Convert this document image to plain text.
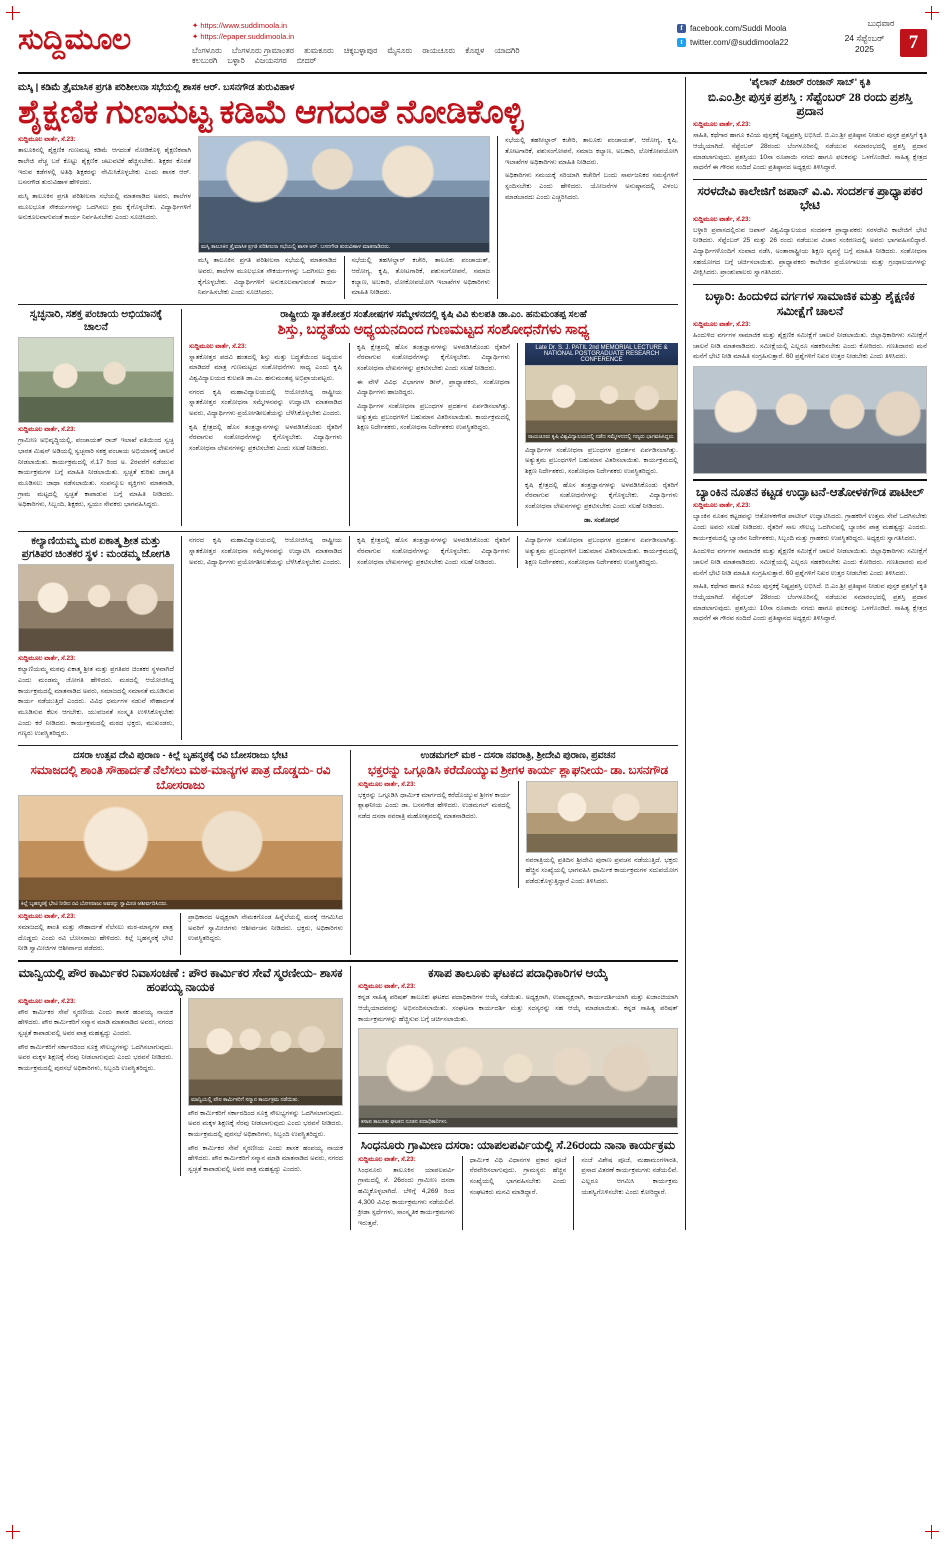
ಸುದ್ದಿಮೂಲ	✦ https://www.suddimoola.in
✦ https://epaper.suddimoola.in
ಬೆಂಗಳೂರು ಬೆಂಗಳೂರು ಗ್ರಾಮಾಂತರ ತುಮಕೂರು ಚಿಕ್ಕಬಳ್ಳಾಪುರ ಮೈಸೂರು ರಾಯಚೂರು ಕೊಪ್ಪಳ ಯಾದಗಿರಿ
ಕಲಬುರಗಿ ಬಳ್ಳಾರಿ ವಿಜಯನಗರ ಬೀದರ್
f facebook.com/Suddi Moola
t twitter.com/@suddimoola22
ಬುಧವಾರ
24 ಸೆಪ್ಟೆಂಬರ್ 2025	7
ಮಸ್ಕಿ | ಕಡಿಮೆ ತ್ರೈಮಾಸಿಕ ಪ್ರಗತಿ ಪರಿಶೀಲನಾ ಸಭೆಯಲ್ಲಿ ಶಾಸಕ ಆರ್. ಬಸನಗೌಡ ತುರುವಿಹಾಳ
ಶೈಕ್ಷಣಿಕ ಗುಣಮಟ್ಟ ಕಡಿಮೆ ಆಗದಂತೆ ನೋಡಿಕೊಳ್ಳಿ
ಸುದ್ದಿಮೂಲ ವಾರ್ತೆ, ಸೆ.23:
ತಾಲೂಕಿನಲ್ಲಿ ಶೈಕ್ಷಣಿಕ ಗುಣಮಟ್ಟ ಕಡಿಮೆ ಆಗದಂತೆ ನೋಡಿಕೊಳ್ಳಿ ಶೈಕ್ಷಣಿಕವಾಗಿ ಕಾಲೇಜಿ ವೆಚ್ಚ ಬರೆ ಕೊಟ್ಟು ಶೈಕ್ಷಣಿಕ ಚಟುವಟಿಕೆ ಹೆಚ್ಚಿಸಬೇಕು. ಶಿಕ್ಷಕರ ಕೊರತೆ ಇರುವ ಕಡೆಗಳಲ್ಲಿ ಅತಿಥಿ ಶಿಕ್ಷಕರನ್ನು ನೇಮಿಸಿಕೊಳ್ಳಬೇಕು ಎಂದು ಶಾಸಕ ಆರ್. ಬಸನಗೌಡ ತುರುವಿಹಾಳ ಹೇಳಿದರು.
ಮಸ್ಕಿ ತಾಲೂಕಿನ ಪ್ರಗತಿ ಪರಿಶೀಲನಾ ಸಭೆಯಲ್ಲಿ ಮಾತನಾಡಿದ ಅವರು, ಶಾಲೆಗಳ ಮೂಲಭೂತ ಸೌಕರ್ಯಗಳನ್ನು ಒದಗಿಸಲು ಕ್ರಮ ಕೈಗೊಳ್ಳಬೇಕು. ವಿದ್ಯಾರ್ಥಿಗಳಿಗೆ ಅನುಕೂಲವಾಗುವಂತೆ ಕಾರ್ಯ ನಿರ್ವಹಿಸಬೇಕು ಎಂದು ಸೂಚಿಸಿದರು.
ಮಸ್ಕಿ ತಾಲೂಕಿನ ತ್ರೈಮಾಸಿಕ ಪ್ರಗತಿ ಪರಿಶೀಲನಾ ಸಭೆಯಲ್ಲಿ ಶಾಸಕ ಆರ್. ಬಸನಗೌಡ ತುರುವಿಹಾಳ ಮಾತನಾಡಿದರು.
ಮಸ್ಕಿ ತಾಲೂಕಿನ ಪ್ರಗತಿ ಪರಿಶೀಲನಾ ಸಭೆಯಲ್ಲಿ ಮಾತನಾಡಿದ ಅವರು, ಶಾಲೆಗಳ ಮೂಲಭೂತ ಸೌಕರ್ಯಗಳನ್ನು ಒದಗಿಸಲು ಕ್ರಮ ಕೈಗೊಳ್ಳಬೇಕು. ವಿದ್ಯಾರ್ಥಿಗಳಿಗೆ ಅನುಕೂಲವಾಗುವಂತೆ ಕಾರ್ಯ ನಿರ್ವಹಿಸಬೇಕು ಎಂದು ಸೂಚಿಸಿದರು.
ಸಭೆಯಲ್ಲಿ ತಹಸೀಲ್ದಾರ್ ಕಚೇರಿ, ತಾಲೂಕು ಪಂಚಾಯತ್, ಆರೋಗ್ಯ, ಕೃಷಿ, ತೋಟಗಾರಿಕೆ, ಪಶುಸಂಗೋಪನೆ, ಸಮಾಜ ಕಲ್ಯಾಣ, ಅಬಕಾರಿ, ಲೋಕೋಪಯೋಗಿ ಇಲಾಖೆಗಳ ಅಧಿಕಾರಿಗಳು ಮಾಹಿತಿ ನೀಡಿದರು.
ಸಭೆಯಲ್ಲಿ ತಹಸೀಲ್ದಾರ್ ಕಚೇರಿ, ತಾಲೂಕು ಪಂಚಾಯತ್, ಆರೋಗ್ಯ, ಕೃಷಿ, ತೋಟಗಾರಿಕೆ, ಪಶುಸಂಗೋಪನೆ, ಸಮಾಜ ಕಲ್ಯಾಣ, ಅಬಕಾರಿ, ಲೋಕೋಪಯೋಗಿ ಇಲಾಖೆಗಳ ಅಧಿಕಾರಿಗಳು ಮಾಹಿತಿ ನೀಡಿದರು.
ಅಧಿಕಾರಿಗಳು ಸಮಯಕ್ಕೆ ಸರಿಯಾಗಿ ಕಚೇರಿಗೆ ಬಂದು ಸಾರ್ವಜನಿಕರ ಸಮಸ್ಯೆಗಳಿಗೆ ಸ್ಪಂದಿಸಬೇಕು ಎಂದು ಹೇಳಿದರು. ಯೋಜನೆಗಳ ಅನುಷ್ಠಾನದಲ್ಲಿ ವಿಳಂಬ ಮಾಡಬಾರದು ಎಂದು ಎಚ್ಚರಿಸಿದರು.
ಸ್ವಚ್ಛನಾರಿ, ಸಶಕ್ತ ಪಂಚಾಯ ಅಭಿಯಾನಕ್ಕೆ ಚಾಲನೆ
ಸುದ್ದಿಮೂಲ ವಾರ್ತೆ, ಸೆ.23:
ಗ್ರಾಮೀಣ ಅಭಿವೃದ್ಧಿಯಲ್ಲಿ, ಪಂಚಾಯತ್ ರಾಜ್ ಇಲಾಖೆ ವತಿಯಿಂದ ಸ್ವಚ್ಛ ಭಾರತ ಮಿಷನ್ ಅಡಿಯಲ್ಲಿ ಸ್ವಚ್ಛನಾರಿ ಸಶಕ್ತ ಪಂಚಾಯ ಅಭಿಯಾನಕ್ಕೆ ಚಾಲನೆ ನೀಡಲಾಯಿತು. ಕಾರ್ಯಕ್ರಮದಲ್ಲಿ ಸೆ.17 ರಿಂದ ಅ. 2ರವರೆಗೆ ನಡೆಯುವ ಕಾರ್ಯಕ್ರಮಗಳ ಬಗ್ಗೆ ಮಾಹಿತಿ ನೀಡಲಾಯಿತು. ಸ್ವಚ್ಛತೆ ಕುರಿತು ಜಾಗೃತಿ ಮೂಡಿಸಲು ಜಾಥಾ ನಡೆಸಲಾಯಿತು. ಸಂಪನ್ಮೂಲ ವ್ಯಕ್ತಿಗಳು ಮಾತನಾಡಿ, ಗ್ರಾಮ ಮಟ್ಟದಲ್ಲಿ ಸ್ವಚ್ಛತೆ ಕಾಪಾಡುವ ಬಗ್ಗೆ ಮಾಹಿತಿ ನೀಡಿದರು. ಅಧಿಕಾರಿಗಳು, ಸಿಬ್ಬಂದಿ, ಶಿಕ್ಷಕರು, ಸ್ವಯಂ ಸೇವಕರು ಭಾಗವಹಿಸಿದ್ದರು.
ರಾಷ್ಟ್ರೀಯ ಸ್ನಾತಕೋತ್ತರ ಸಂತೋಷಗಳ ಸಮ್ಮೇಳನದಲ್ಲಿ ಕೃಷಿ ವಿವಿ ಕುಲಪತಿ ಡಾ.ಎಂ. ಹನುಮಂತಪ್ಪ ಸಲಹೆ
ಶಿಸ್ತು, ಬದ್ಧತೆಯ ಅಧ್ಯಯನದಿಂದ ಗುಣಮಟ್ಟದ ಸಂಶೋಧನೆಗಳು ಸಾಧ್ಯ
ಸುದ್ದಿಮೂಲ ವಾರ್ತೆ, ಸೆ.23:
ಸ್ನಾತಕೋತ್ತರ ಪದವಿ ಹಂತದಲ್ಲಿ ಶಿಸ್ತು ಮತ್ತು ಬದ್ಧತೆಯಿಂದ ಅಧ್ಯಯನ ಮಾಡಿದರೆ ಮಾತ್ರ ಗುಣಮಟ್ಟದ ಸಂಶೋಧನೆಗಳು ಸಾಧ್ಯ ಎಂದು ಕೃಷಿ ವಿಶ್ವವಿದ್ಯಾಲಯದ ಕುಲಪತಿ ಡಾ.ಎಂ. ಹನುಮಂತಪ್ಪ ಅಭಿಪ್ರಾಯಪಟ್ಟರು.
ನಗರದ ಕೃಷಿ ಮಹಾವಿದ್ಯಾಲಯದಲ್ಲಿ ಆಯೋಜಿಸಿದ್ದ ರಾಷ್ಟ್ರೀಯ ಸ್ನಾತಕೋತ್ತರ ಸಂಶೋಧನಾ ಸಮ್ಮೇಳನವನ್ನು ಉದ್ಘಾಟಿಸಿ ಮಾತನಾಡಿದ ಅವರು, ವಿದ್ಯಾರ್ಥಿಗಳು ಪ್ರಯೋಗಶೀಲತೆಯನ್ನು ಬೆಳೆಸಿಕೊಳ್ಳಬೇಕು ಎಂದರು.
ಕೃಷಿ ಕ್ಷೇತ್ರದಲ್ಲಿ ಹೊಸ ತಂತ್ರಜ್ಞಾನಗಳನ್ನು ಅಳವಡಿಸಿಕೊಂಡು ರೈತರಿಗೆ ನೆರವಾಗುವ ಸಂಶೋಧನೆಗಳನ್ನು ಕೈಗೊಳ್ಳಬೇಕು. ವಿದ್ಯಾರ್ಥಿಗಳು ಸಂಶೋಧನಾ ಲೇಖನಗಳನ್ನು ಪ್ರಕಟಿಸಬೇಕು ಎಂದು ಸಲಹೆ ನೀಡಿದರು.
ಕೃಷಿ ಕ್ಷೇತ್ರದಲ್ಲಿ ಹೊಸ ತಂತ್ರಜ್ಞಾನಗಳನ್ನು ಅಳವಡಿಸಿಕೊಂಡು ರೈತರಿಗೆ ನೆರವಾಗುವ ಸಂಶೋಧನೆಗಳನ್ನು ಕೈಗೊಳ್ಳಬೇಕು. ವಿದ್ಯಾರ್ಥಿಗಳು ಸಂಶೋಧನಾ ಲೇಖನಗಳನ್ನು ಪ್ರಕಟಿಸಬೇಕು ಎಂದು ಸಲಹೆ ನೀಡಿದರು.
ಈ ವೇಳೆ ವಿವಿಧ ವಿಭಾಗಗಳ ಡೀನ್, ಪ್ರಾಧ್ಯಾಪಕರು, ಸಂಶೋಧನಾ ವಿದ್ಯಾರ್ಥಿಗಳು ಹಾಜರಿದ್ದರು.
ವಿದ್ಯಾರ್ಥಿಗಳ ಸಂಶೋಧನಾ ಪ್ರಬಂಧಗಳ ಪ್ರದರ್ಶನ ಏರ್ಪಡಿಸಲಾಗಿತ್ತು. ಅತ್ಯುತ್ತಮ ಪ್ರಬಂಧಗಳಿಗೆ ಬಹುಮಾನ ವಿತರಿಸಲಾಯಿತು. ಕಾರ್ಯಕ್ರಮದಲ್ಲಿ ಶಿಕ್ಷಣ ನಿರ್ದೇಶಕರು, ಸಂಶೋಧನಾ ನಿರ್ದೇಶಕರು ಉಪಸ್ಥಿತರಿದ್ದರು.
Late Dr. S. J. PATIL 2nd MEMORIAL LECTURE & NATIONAL POSTGRADUATE RESEARCH CONFERENCE
ರಾಯಚೂರು ಕೃಷಿ ವಿಶ್ವವಿದ್ಯಾಲಯದಲ್ಲಿ ನಡೆದ ಸಮ್ಮೇಳನದಲ್ಲಿ ಗಣ್ಯರು ಭಾಗವಹಿಸಿದ್ದರು.
ವಿದ್ಯಾರ್ಥಿಗಳ ಸಂಶೋಧನಾ ಪ್ರಬಂಧಗಳ ಪ್ರದರ್ಶನ ಏರ್ಪಡಿಸಲಾಗಿತ್ತು. ಅತ್ಯುತ್ತಮ ಪ್ರಬಂಧಗಳಿಗೆ ಬಹುಮಾನ ವಿತರಿಸಲಾಯಿತು. ಕಾರ್ಯಕ್ರಮದಲ್ಲಿ ಶಿಕ್ಷಣ ನಿರ್ದೇಶಕರು, ಸಂಶೋಧನಾ ನಿರ್ದೇಶಕರು ಉಪಸ್ಥಿತರಿದ್ದರು.
ಕೃಷಿ ಕ್ಷೇತ್ರದಲ್ಲಿ ಹೊಸ ತಂತ್ರಜ್ಞಾನಗಳನ್ನು ಅಳವಡಿಸಿಕೊಂಡು ರೈತರಿಗೆ ನೆರವಾಗುವ ಸಂಶೋಧನೆಗಳನ್ನು ಕೈಗೊಳ್ಳಬೇಕು. ವಿದ್ಯಾರ್ಥಿಗಳು ಸಂಶೋಧನಾ ಲೇಖನಗಳನ್ನು ಪ್ರಕಟಿಸಬೇಕು ಎಂದು ಸಲಹೆ ನೀಡಿದರು.
ಡಾ. ಸಂಶೋಧನೆ
ಕಲ್ಯಾಣಿಯಮ್ಮ ಮಠ ಏಕಾತ್ಮ ಶ್ರೀತ ಮತ್ತು ಪ್ರಗತಿಪರ ಚಿಂತಕರ ಸ್ಥಳ : ಮಂಡಮ್ಮ ಜೋಗತಿ
ಸುದ್ದಿಮೂಲ ವಾರ್ತೆ, ಸೆ.23:
ಕಲ್ಯಾಣಿಯಮ್ಮ ಮಠವು ಏಕಾತ್ಮ ಶ್ರೀತ ಮತ್ತು ಪ್ರಗತಿಪರ ಚಿಂತಕರ ಸ್ಥಳವಾಗಿದೆ ಎಂದು ಮಂಡಮ್ಮ ಜೋಗತಿ ಹೇಳಿದರು. ಮಠದಲ್ಲಿ ಆಯೋಜಿಸಿದ್ದ ಕಾರ್ಯಕ್ರಮದಲ್ಲಿ ಮಾತನಾಡಿದ ಅವರು, ಸಮಾಜದಲ್ಲಿ ಸಮಾನತೆ ಮೂಡಿಸುವ ಕಾರ್ಯ ನಡೆಯುತ್ತಿದೆ ಎಂದರು. ವಿವಿಧ ಧರ್ಮಗಳ ನಡುವೆ ಸೌಹಾರ್ದತೆ ಮೂಡಿಸುವ ಕೆಲಸ ಆಗಬೇಕು. ಯುವಜನತೆ ಸಂಸ್ಕೃತಿ ಉಳಿಸಿಕೊಳ್ಳಬೇಕು ಎಂದು ಕರೆ ನೀಡಿದರು. ಕಾರ್ಯಕ್ರಮದಲ್ಲಿ ಮಠದ ಭಕ್ತರು, ಮುಖಂಡರು, ಗಣ್ಯರು ಉಪಸ್ಥಿತರಿದ್ದರು.
ನಗರದ ಕೃಷಿ ಮಹಾವಿದ್ಯಾಲಯದಲ್ಲಿ ಆಯೋಜಿಸಿದ್ದ ರಾಷ್ಟ್ರೀಯ ಸ್ನಾತಕೋತ್ತರ ಸಂಶೋಧನಾ ಸಮ್ಮೇಳನವನ್ನು ಉದ್ಘಾಟಿಸಿ ಮಾತನಾಡಿದ ಅವರು, ವಿದ್ಯಾರ್ಥಿಗಳು ಪ್ರಯೋಗಶೀಲತೆಯನ್ನು ಬೆಳೆಸಿಕೊಳ್ಳಬೇಕು ಎಂದರು.
ಕೃಷಿ ಕ್ಷೇತ್ರದಲ್ಲಿ ಹೊಸ ತಂತ್ರಜ್ಞಾನಗಳನ್ನು ಅಳವಡಿಸಿಕೊಂಡು ರೈತರಿಗೆ ನೆರವಾಗುವ ಸಂಶೋಧನೆಗಳನ್ನು ಕೈಗೊಳ್ಳಬೇಕು. ವಿದ್ಯಾರ್ಥಿಗಳು ಸಂಶೋಧನಾ ಲೇಖನಗಳನ್ನು ಪ್ರಕಟಿಸಬೇಕು ಎಂದು ಸಲಹೆ ನೀಡಿದರು.
ವಿದ್ಯಾರ್ಥಿಗಳ ಸಂಶೋಧನಾ ಪ್ರಬಂಧಗಳ ಪ್ರದರ್ಶನ ಏರ್ಪಡಿಸಲಾಗಿತ್ತು. ಅತ್ಯುತ್ತಮ ಪ್ರಬಂಧಗಳಿಗೆ ಬಹುಮಾನ ವಿತರಿಸಲಾಯಿತು. ಕಾರ್ಯಕ್ರಮದಲ್ಲಿ ಶಿಕ್ಷಣ ನಿರ್ದೇಶಕರು, ಸಂಶೋಧನಾ ನಿರ್ದೇಶಕರು ಉಪಸ್ಥಿತರಿದ್ದರು.
ದಸರಾ ಉತ್ಸವ ದೇವಿ ಪುರಾಣ - ಕಿಲ್ಲೆ ಬೃಹನ್ಮಠಕ್ಕೆ ರವಿ ಬೋಸರಾಜು ಭೇಟಿ
ಸಮಾಜದಲ್ಲಿ ಶಾಂತಿ ಸೌಹಾರ್ದತೆ ನೆಲೆಸಲು ಮಠ-ಮಾನ್ಯಗಳ ಪಾತ್ರ ದೊಡ್ಡದು- ರವಿ ಬೋಸರಾಜು
ಕಿಲ್ಲೆ ಬೃಹನ್ಮಠಕ್ಕೆ ಭೇಟಿ ನೀಡಿದ ರವಿ ಬೋಸರಾಜು ಅವರನ್ನು ಸ್ವಾಮೀಜಿ ಆಶೀರ್ವದಿಸಿದರು.
ಸುದ್ದಿಮೂಲ ವಾರ್ತೆ, ಸೆ.23:
ಸಮಾಜದಲ್ಲಿ ಶಾಂತಿ ಮತ್ತು ಸೌಹಾರ್ದತೆ ನೆಲೆಸಲು ಮಠ-ಮಾನ್ಯಗಳ ಪಾತ್ರ ದೊಡ್ಡದು ಎಂದು ರವಿ ಬೋಸರಾಜು ಹೇಳಿದರು. ಕಿಲ್ಲೆ ಬೃಹನ್ಮಠಕ್ಕೆ ಭೇಟಿ ನೀಡಿ ಸ್ವಾಮೀಜಿಗಳ ಆಶೀರ್ವಾದ ಪಡೆದರು.
ಪ್ರಾಧಿಕಾರದ ಅಧ್ಯಕ್ಷರಾಗಿ ನೇಮಕಗೊಂಡ ಹಿನ್ನೆಲೆಯಲ್ಲಿ ಮಠಕ್ಕೆ ಆಗಮಿಸಿದ ಅವರಿಗೆ ಸ್ವಾಮೀಜಿಗಳು ಆಶೀರ್ವಚನ ನೀಡಿದರು. ಭಕ್ತರು, ಅಧಿಕಾರಿಗಳು ಉಪಸ್ಥಿತರಿದ್ದರು.
ಉಡಮಗಲ್ ಮಠ - ದಸರಾ ನವರಾತ್ರಿ, ಶ್ರೀದೇವಿ ಪುರಾಣ, ಪ್ರವಚನ
ಭಕ್ತರನ್ನು ಒಗ್ಗೂಡಿಸಿ ಕರೆದೊಯ್ಯುವ ಶ್ರೀಗಳ ಕಾರ್ಯ ಶ್ಲಾಘನೀಯ- ಡಾ. ಬಸನಗೌಡ
ಸುದ್ದಿಮೂಲ ವಾರ್ತೆ, ಸೆ.23:
ಭಕ್ತರನ್ನು ಒಗ್ಗೂಡಿಸಿ ಧಾರ್ಮಿಕ ಮಾರ್ಗದಲ್ಲಿ ಕರೆದೊಯ್ಯುವ ಶ್ರೀಗಳ ಕಾರ್ಯ ಶ್ಲಾಘನೀಯ ಎಂದು ಡಾ. ಬಸನಗೌಡ ಹೇಳಿದರು. ಉಡಮಗಲ್ ಮಠದಲ್ಲಿ ನಡೆದ ದಸರಾ ನವರಾತ್ರಿ ಮಹೋತ್ಸವದಲ್ಲಿ ಮಾತನಾಡಿದರು.
ನವರಾತ್ರಿಯಲ್ಲಿ ಪ್ರತಿದಿನ ಶ್ರೀದೇವಿ ಪುರಾಣ ಪ್ರವಚನ ನಡೆಯುತ್ತಿದೆ. ಭಕ್ತರು ಹೆಚ್ಚಿನ ಸಂಖ್ಯೆಯಲ್ಲಿ ಭಾಗವಹಿಸಿ ಧಾರ್ಮಿಕ ಕಾರ್ಯಕ್ರಮಗಳ ಸದುಪಯೋಗ ಪಡೆದುಕೊಳ್ಳುತ್ತಿದ್ದಾರೆ ಎಂದು ತಿಳಿಸಿದರು.
ಮಾನ್ವಿಯಲ್ಲಿ ಪೌರ ಕಾರ್ಮಿಕರ ನಿವಾಸಂಚಣೆ : ಪೌರ ಕಾರ್ಮಿಕರ ಸೇವೆ ಸ್ಮರಣೀಯ- ಶಾಸಕ ಹಂಪಯ್ಯ ನಾಯಕ
ಸುದ್ದಿಮೂಲ ವಾರ್ತೆ, ಸೆ.23:
ಪೌರ ಕಾರ್ಮಿಕರ ಸೇವೆ ಸ್ಮರಣೀಯ ಎಂದು ಶಾಸಕ ಹಂಪಯ್ಯ ನಾಯಕ ಹೇಳಿದರು. ಪೌರ ಕಾರ್ಮಿಕರಿಗೆ ಸನ್ಮಾನ ಮಾಡಿ ಮಾತನಾಡಿದ ಅವರು, ನಗರದ ಸ್ವಚ್ಛತೆ ಕಾಪಾಡುವಲ್ಲಿ ಅವರ ಪಾತ್ರ ಮಹತ್ವದ್ದು ಎಂದರು.
ಪೌರ ಕಾರ್ಮಿಕರಿಗೆ ಸರ್ಕಾರದಿಂದ ಸೂಕ್ತ ಸೌಲಭ್ಯಗಳನ್ನು ಒದಗಿಸಲಾಗುವುದು. ಅವರ ಮಕ್ಕಳ ಶಿಕ್ಷಣಕ್ಕೆ ನೆರವು ನೀಡಲಾಗುವುದು ಎಂದು ಭರವಸೆ ನೀಡಿದರು. ಕಾರ್ಯಕ್ರಮದಲ್ಲಿ ಪುರಸಭೆ ಅಧಿಕಾರಿಗಳು, ಸಿಬ್ಬಂದಿ ಉಪಸ್ಥಿತರಿದ್ದರು.
ಮಾನ್ವಿಯಲ್ಲಿ ಪೌರ ಕಾರ್ಮಿಕರಿಗೆ ಸನ್ಮಾನ ಕಾರ್ಯಕ್ರಮ ನಡೆಯಿತು.
ಪೌರ ಕಾರ್ಮಿಕರಿಗೆ ಸರ್ಕಾರದಿಂದ ಸೂಕ್ತ ಸೌಲಭ್ಯಗಳನ್ನು ಒದಗಿಸಲಾಗುವುದು. ಅವರ ಮಕ್ಕಳ ಶಿಕ್ಷಣಕ್ಕೆ ನೆರವು ನೀಡಲಾಗುವುದು ಎಂದು ಭರವಸೆ ನೀಡಿದರು. ಕಾರ್ಯಕ್ರಮದಲ್ಲಿ ಪುರಸಭೆ ಅಧಿಕಾರಿಗಳು, ಸಿಬ್ಬಂದಿ ಉಪಸ್ಥಿತರಿದ್ದರು.
ಪೌರ ಕಾರ್ಮಿಕರ ಸೇವೆ ಸ್ಮರಣೀಯ ಎಂದು ಶಾಸಕ ಹಂಪಯ್ಯ ನಾಯಕ ಹೇಳಿದರು. ಪೌರ ಕಾರ್ಮಿಕರಿಗೆ ಸನ್ಮಾನ ಮಾಡಿ ಮಾತನಾಡಿದ ಅವರು, ನಗರದ ಸ್ವಚ್ಛತೆ ಕಾಪಾಡುವಲ್ಲಿ ಅವರ ಪಾತ್ರ ಮಹತ್ವದ್ದು ಎಂದರು.
ಕಸಾಪ ತಾಲೂಕು ಘಟಕದ ಪದಾಧಿಕಾರಿಗಳ ಆಯ್ಕೆ
ಸುದ್ದಿಮೂಲ ವಾರ್ತೆ, ಸೆ.23:
ಕನ್ನಡ ಸಾಹಿತ್ಯ ಪರಿಷತ್ ತಾಲೂಕು ಘಟಕದ ಪದಾಧಿಕಾರಿಗಳ ಆಯ್ಕೆ ನಡೆಯಿತು. ಅಧ್ಯಕ್ಷರಾಗಿ, ಉಪಾಧ್ಯಕ್ಷರಾಗಿ, ಕಾರ್ಯದರ್ಶಿಯಾಗಿ ಮತ್ತು ಖಜಾಂಚಿಯಾಗಿ ಆಯ್ಕೆಯಾದವರನ್ನು ಅಭಿನಂದಿಸಲಾಯಿತು. ಸಂಘಟನಾ ಕಾರ್ಯದರ್ಶಿ ಮತ್ತು ಸದಸ್ಯರನ್ನು ಸಹ ಆಯ್ಕೆ ಮಾಡಲಾಯಿತು. ಕನ್ನಡ ಸಾಹಿತ್ಯ ಪರಿಷತ್ ಕಾರ್ಯಕ್ರಮಗಳನ್ನು ಹೆಚ್ಚಿಸುವ ಬಗ್ಗೆ ಚರ್ಚಿಸಲಾಯಿತು.
ಕಸಾಪ ತಾಲೂಕು ಘಟಕದ ನೂತನ ಪದಾಧಿಕಾರಿಗಳು.
ಸಿಂಧನೂರು ಗ್ರಾಮೀಣ ದಸರಾ: ಯಾಪಲಪರ್ವಿಯಲ್ಲಿ ಸೆ.26ರಂದು ನಾನಾ ಕಾರ್ಯಕ್ರಮ
ಸುದ್ದಿಮೂಲ ವಾರ್ತೆ, ಸೆ.23:
ಸಿಂಧನೂರು ತಾಲೂಕಿನ ಯಾಪಲಪರ್ವಿ ಗ್ರಾಮದಲ್ಲಿ ಸೆ. 26ರಂದು ಗ್ರಾಮೀಣ ದಸರಾ ಹಮ್ಮಿಕೊಳ್ಳಲಾಗಿದೆ. ಬೆಳಿಗ್ಗೆ 4,269 ರಿಂದ 4,300 ವಿವಿಧ ಕಾರ್ಯಕ್ರಮಗಳು ನಡೆಯಲಿವೆ. ಕ್ರೀಡಾ ಸ್ಪರ್ಧೆಗಳು, ಸಾಂಸ್ಕೃತಿಕ ಕಾರ್ಯಕ್ರಮಗಳು ಇರುತ್ತವೆ.
ಧಾರ್ಮಿಕ ವಿಧಿ ವಿಧಾನಗಳ ಪ್ರಕಾರ ಪೂಜೆ ನೆರವೇರಿಸಲಾಗುವುದು. ಗ್ರಾಮಸ್ಥರು ಹೆಚ್ಚಿನ ಸಂಖ್ಯೆಯಲ್ಲಿ ಭಾಗವಹಿಸಬೇಕು ಎಂದು ಸಂಘಟಕರು ಮನವಿ ಮಾಡಿದ್ದಾರೆ.
ಸಂಜೆ ವಿಶೇಷ ಪೂಜೆ, ಮಹಾಮಂಗಳಾರತಿ, ಪ್ರಸಾದ ವಿತರಣೆ ಕಾರ್ಯಕ್ರಮಗಳು ನಡೆಯಲಿವೆ. ಎಲ್ಲರೂ ಆಗಮಿಸಿ ಕಾರ್ಯಕ್ರಮ ಯಶಸ್ವಿಗೊಳಿಸಬೇಕು ಎಂದು ಕೋರಿದ್ದಾರೆ.
'ಪೈಲಾನ್ ಪಿಜಾರ್ ರಂಜಾನ್ ಸಾಬ್' ಕೃತಿ
ಬಿ.ಎಂ.ಶ್ರೀ ಪುಸ್ತಕ ಪ್ರಶಸ್ತಿ : ಸೆಪ್ಟೆಂಬರ್ 28 ರಂದು ಪ್ರಶಸ್ತಿ ಪ್ರದಾನ
ಸುದ್ದಿಮೂಲ ವಾರ್ತೆ, ಸೆ.23:
ಸಾಹಿತಿ, ಕಥೆಗಾರ ಹಾಗೂ ಕವಿಯ ಪುಸ್ತಕಕ್ಕೆ ನಿಷ್ಟಪ್ರಶಸ್ತಿ ಲಭಿಸಿದೆ. ಬಿ.ಎಂ.ಶ್ರೀ ಪ್ರತಿಷ್ಠಾನ ನೀಡುವ ಪುಸ್ತಕ ಪ್ರಶಸ್ತಿಗೆ ಕೃತಿ ಆಯ್ಕೆಯಾಗಿದೆ. ಸೆಪ್ಟೆಂಬರ್ 28ರಂದು ಬೆಂಗಳೂರಿನಲ್ಲಿ ನಡೆಯುವ ಸಮಾರಂಭದಲ್ಲಿ ಪ್ರಶಸ್ತಿ ಪ್ರದಾನ ಮಾಡಲಾಗುವುದು. ಪ್ರಶಸ್ತಿಯು 10ಸಾ ರೂಪಾಯಿ ನಗದು ಹಾಗೂ ಫಲಕವನ್ನು ಒಳಗೊಂಡಿದೆ. ಸಾಹಿತ್ಯ ಕ್ಷೇತ್ರದ ಸಾಧನೆಗೆ ಈ ಗೌರವ ಸಂದಿದೆ ಎಂದು ಪ್ರತಿಷ್ಠಾನದ ಅಧ್ಯಕ್ಷರು ತಿಳಿಸಿದ್ದಾರೆ.
ಸರಳದೇವಿ ಕಾಲೇಜಿಗೆ ಜಪಾನ್ ವಿ.ವಿ. ಸಂದರ್ಶಕ ಪ್ರಾಧ್ಯಾಪಕರ ಭೇಟಿ
ಸುದ್ದಿಮೂಲ ವಾರ್ತೆ, ಸೆ.23:
ಬಳ್ಳಾರಿ ಪ್ರವಾಸದಲ್ಲಿರುವ ಜಪಾನ್ ವಿಶ್ವವಿದ್ಯಾಲಯದ ಸಂದರ್ಶಕ ಪ್ರಾಧ್ಯಾಪಕರು ಸರಳದೇವಿ ಕಾಲೇಜಿಗೆ ಭೇಟಿ ನೀಡಿದರು. ಸೆಪ್ಟೆಂಬರ್ 25 ಮತ್ತು 26 ರಂದು ನಡೆಯುವ ವಿಚಾರ ಸಂಕಿರಣದಲ್ಲಿ ಅವರು ಭಾಗವಹಿಸಲಿದ್ದಾರೆ. ವಿದ್ಯಾರ್ಥಿಗಳೊಂದಿಗೆ ಸಂವಾದ ನಡೆಸಿ, ಅಂತಾರಾಷ್ಟ್ರೀಯ ಶಿಕ್ಷಣ ವ್ಯವಸ್ಥೆ ಬಗ್ಗೆ ಮಾಹಿತಿ ನೀಡಿದರು. ಸಂಶೋಧನಾ ಸಹಯೋಗದ ಬಗ್ಗೆ ಚರ್ಚಿಸಲಾಯಿತು. ಪ್ರಾಧ್ಯಾಪಕರು ಕಾಲೇಜಿನ ಪ್ರಯೋಗಾಲಯ ಮತ್ತು ಗ್ರಂಥಾಲಯಗಳನ್ನು ವೀಕ್ಷಿಸಿದರು. ಪ್ರಾಂಶುಪಾಲರು ಸ್ವಾಗತಿಸಿದರು.
ಬಳ್ಳಾರಿ: ಹಿಂದುಳಿದ ವರ್ಗಗಳ ಸಾಮಾಜಿಕ ಮತ್ತು ಶೈಕ್ಷಣಿಕ ಸಮೀಕ್ಷೆಗೆ ಚಾಲನೆ
ಸುದ್ದಿಮೂಲ ವಾರ್ತೆ, ಸೆ.23:
ಹಿಂದುಳಿದ ವರ್ಗಗಳ ಸಾಮಾಜಿಕ ಮತ್ತು ಶೈಕ್ಷಣಿಕ ಸಮೀಕ್ಷೆಗೆ ಚಾಲನೆ ನೀಡಲಾಯಿತು. ಜಿಲ್ಲಾಧಿಕಾರಿಗಳು ಸಮೀಕ್ಷೆಗೆ ಚಾಲನೆ ನೀಡಿ ಮಾತನಾಡಿದರು. ಸಮೀಕ್ಷೆಯಲ್ಲಿ ಎಲ್ಲರೂ ಸಹಕರಿಸಬೇಕು ಎಂದು ಕೋರಿದರು. ಗಣತಿದಾರರು ಮನೆ ಮನೆಗೆ ಭೇಟಿ ನೀಡಿ ಮಾಹಿತಿ ಸಂಗ್ರಹಿಸುತ್ತಾರೆ. 60 ಪ್ರಶ್ನೆಗಳಿಗೆ ನಿಖರ ಉತ್ತರ ನೀಡಬೇಕು ಎಂದು ತಿಳಿಸಿದರು.
ಬ್ಯಾಂಕಿನ ನೂತನ ಕಟ್ಟಡ ಉದ್ಘಾಟನೆ-ಆತೋಳಕಗೌಡ ಪಾಟೀಲ್
ಸುದ್ದಿಮೂಲ ವಾರ್ತೆ, ಸೆ.23:
ಬ್ಯಾಂಕಿನ ನೂತನ ಕಟ್ಟಡವನ್ನು ಆತೋಳಕಗೌಡ ಪಾಟೀಲ್ ಉದ್ಘಾಟಿಸಿದರು. ಗ್ರಾಹಕರಿಗೆ ಉತ್ತಮ ಸೇವೆ ಒದಗಿಸಬೇಕು ಎಂದು ಅವರು ಸಲಹೆ ನೀಡಿದರು. ರೈತರಿಗೆ ಸಾಲ ಸೌಲಭ್ಯ ಒದಗಿಸುವಲ್ಲಿ ಬ್ಯಾಂಕಿನ ಪಾತ್ರ ಮಹತ್ವದ್ದು ಎಂದರು. ಕಾರ್ಯಕ್ರಮದಲ್ಲಿ ಬ್ಯಾಂಕಿನ ನಿರ್ದೇಶಕರು, ಸಿಬ್ಬಂದಿ ಮತ್ತು ಗ್ರಾಹಕರು ಉಪಸ್ಥಿತರಿದ್ದರು. ಅಧ್ಯಕ್ಷರು ಸ್ವಾಗತಿಸಿದರು.
ಹಿಂದುಳಿದ ವರ್ಗಗಳ ಸಾಮಾಜಿಕ ಮತ್ತು ಶೈಕ್ಷಣಿಕ ಸಮೀಕ್ಷೆಗೆ ಚಾಲನೆ ನೀಡಲಾಯಿತು. ಜಿಲ್ಲಾಧಿಕಾರಿಗಳು ಸಮೀಕ್ಷೆಗೆ ಚಾಲನೆ ನೀಡಿ ಮಾತನಾಡಿದರು. ಸಮೀಕ್ಷೆಯಲ್ಲಿ ಎಲ್ಲರೂ ಸಹಕರಿಸಬೇಕು ಎಂದು ಕೋರಿದರು. ಗಣತಿದಾರರು ಮನೆ ಮನೆಗೆ ಭೇಟಿ ನೀಡಿ ಮಾಹಿತಿ ಸಂಗ್ರಹಿಸುತ್ತಾರೆ. 60 ಪ್ರಶ್ನೆಗಳಿಗೆ ನಿಖರ ಉತ್ತರ ನೀಡಬೇಕು ಎಂದು ತಿಳಿಸಿದರು.
ಸಾಹಿತಿ, ಕಥೆಗಾರ ಹಾಗೂ ಕವಿಯ ಪುಸ್ತಕಕ್ಕೆ ನಿಷ್ಟಪ್ರಶಸ್ತಿ ಲಭಿಸಿದೆ. ಬಿ.ಎಂ.ಶ್ರೀ ಪ್ರತಿಷ್ಠಾನ ನೀಡುವ ಪುಸ್ತಕ ಪ್ರಶಸ್ತಿಗೆ ಕೃತಿ ಆಯ್ಕೆಯಾಗಿದೆ. ಸೆಪ್ಟೆಂಬರ್ 28ರಂದು ಬೆಂಗಳೂರಿನಲ್ಲಿ ನಡೆಯುವ ಸಮಾರಂಭದಲ್ಲಿ ಪ್ರಶಸ್ತಿ ಪ್ರದಾನ ಮಾಡಲಾಗುವುದು. ಪ್ರಶಸ್ತಿಯು 10ಸಾ ರೂಪಾಯಿ ನಗದು ಹಾಗೂ ಫಲಕವನ್ನು ಒಳಗೊಂಡಿದೆ. ಸಾಹಿತ್ಯ ಕ್ಷೇತ್ರದ ಸಾಧನೆಗೆ ಈ ಗೌರವ ಸಂದಿದೆ ಎಂದು ಪ್ರತಿಷ್ಠಾನದ ಅಧ್ಯಕ್ಷರು ತಿಳಿಸಿದ್ದಾರೆ.
